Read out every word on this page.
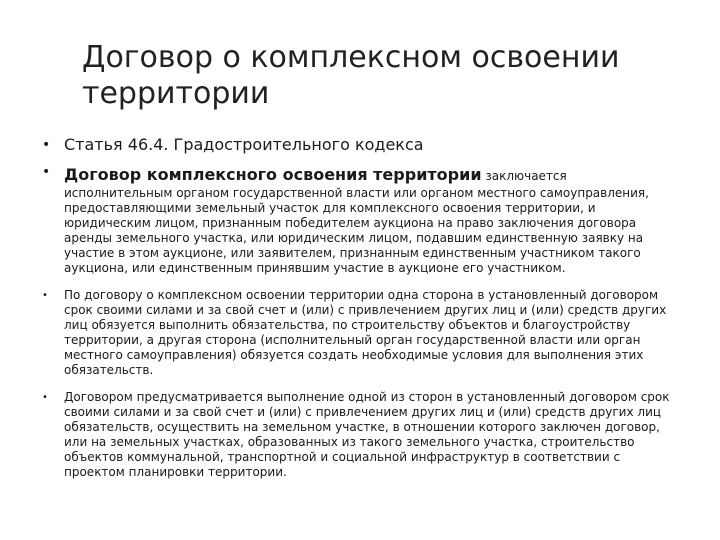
Договор о комплексном освоении
территории
• Статья 46.4. Градостроительного кодекса
• Договор комплексного освоения территории заключается
исполнительным органом государственной власти или органом местного самоуправления, предоставляющими земельный участок для комплексного освоения территории, и юридическим лицом, признанным победителем аукциона на право заключения договора аренды земельного участка, или юридическим лицом, подавшим единственную заявку на участие в этом аукционе, или заявителем, признанным единственным участником такого аукциона, или единственным принявшим участие в аукционе его участником.
• По договору о комплексном освоении территории одна сторона в установленный договором срок своими силами и за свой счет и (или) с привлечением других лиц и (или) средств других лиц обязуется выполнить обязательства, по строительству объектов и благоустройству территории, а другая сторона (исполнительный орган государственной власти или орган местного самоуправления) обязуется создать необходимые условия для выполнения этих обязательств.
• Договором предусматривается выполнение одной из сторон в установленный договором срок своими силами и за свой счет и (или) с привлечением других лиц и (или) средств других лиц обязательств, осуществить на земельном участке, в отношении которого заключен договор, или на земельных участках, образованных из такого земельного участка, строительство объектов коммунальной, транспортной и социальной инфраструктур в соответствии с проектом планировки территории.
